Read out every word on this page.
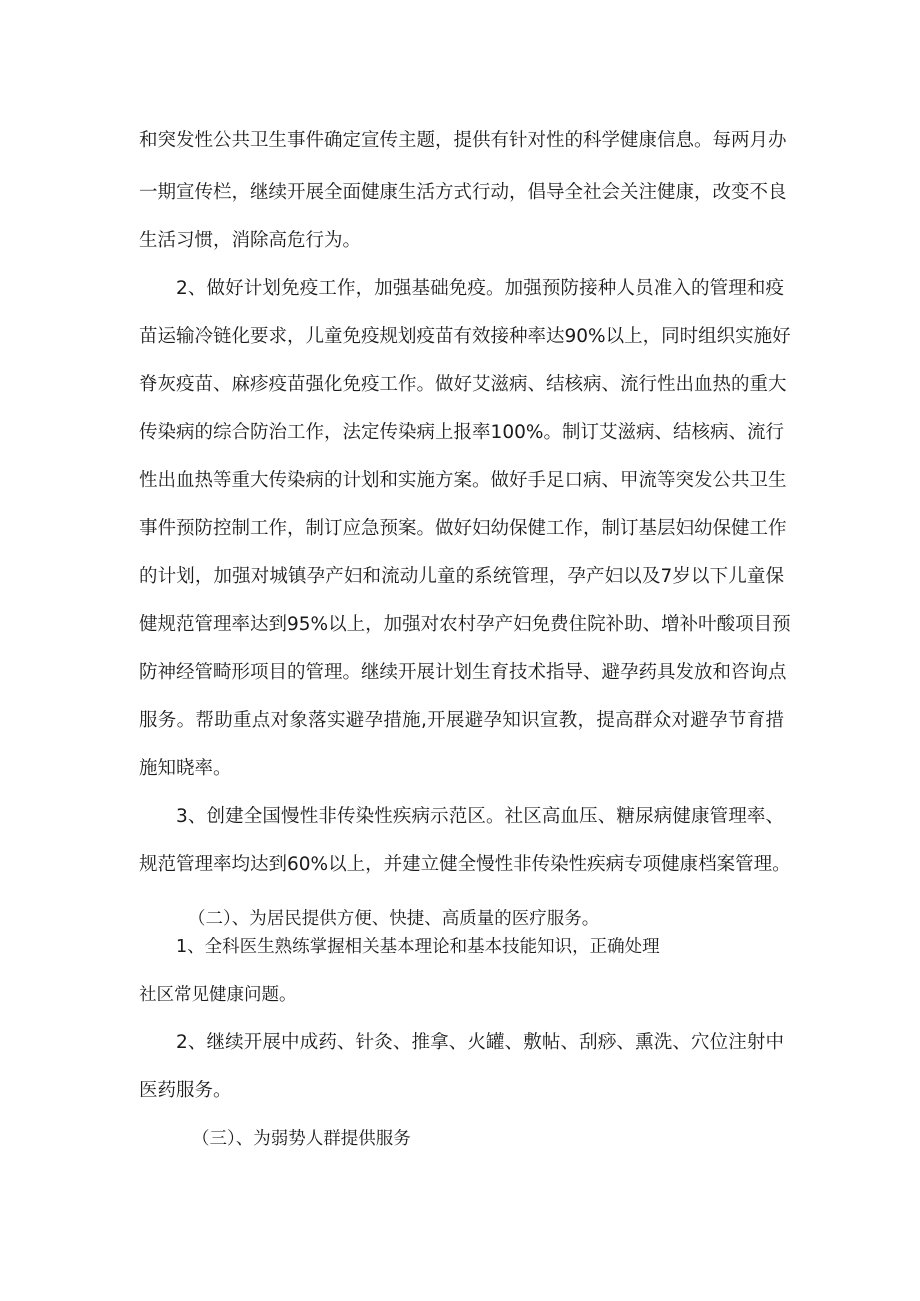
和突发性公共卫生事件确定宣传主题，提供有针对性的科学健康信息。每两月办
一期宣传栏，继续开展全面健康生活方式行动，倡导全社会关注健康，改变不良
生活习惯，消除高危行为。
2、做好计划免疫工作，加强基础免疫。加强预防接种人员准入的管理和疫
苗运输冷链化要求，儿童免疫规划疫苗有效接种率达90%以上，同时组织实施好
脊灰疫苗、麻疹疫苗强化免疫工作。做好艾滋病、结核病、流行性出血热的重大
传染病的综合防治工作，法定传染病上报率100%。制订艾滋病、结核病、流行
性出血热等重大传染病的计划和实施方案。做好手足口病、甲流等突发公共卫生
事件预防控制工作，制订应急预案。做好妇幼保健工作，制订基层妇幼保健工作
的计划，加强对城镇孕产妇和流动儿童的系统管理，孕产妇以及7岁以下儿童保
健规范管理率达到95%以上，加强对农村孕产妇免费住院补助、增补叶酸项目预
防神经管畸形项目的管理。继续开展计划生育技术指导、避孕药具发放和咨询点
服务。帮助重点对象落实避孕措施,开展避孕知识宣教，提高群众对避孕节育措
施知晓率。
3、创建全国慢性非传染性疾病示范区。社区高血压、糖尿病健康管理率、
规范管理率均达到60%以上，并建立健全慢性非传染性疾病专项健康档案管理。
（二）、为居民提供方便、快捷、高质量的医疗服务。
1、全科医生熟练掌握相关基本理论和基本技能知识，正确处理
社区常见健康问题。
2、继续开展中成药、针灸、推拿、火罐、敷帖、刮痧、熏洗、穴位注射中
医药服务。
（三）、为弱势人群提供服务
